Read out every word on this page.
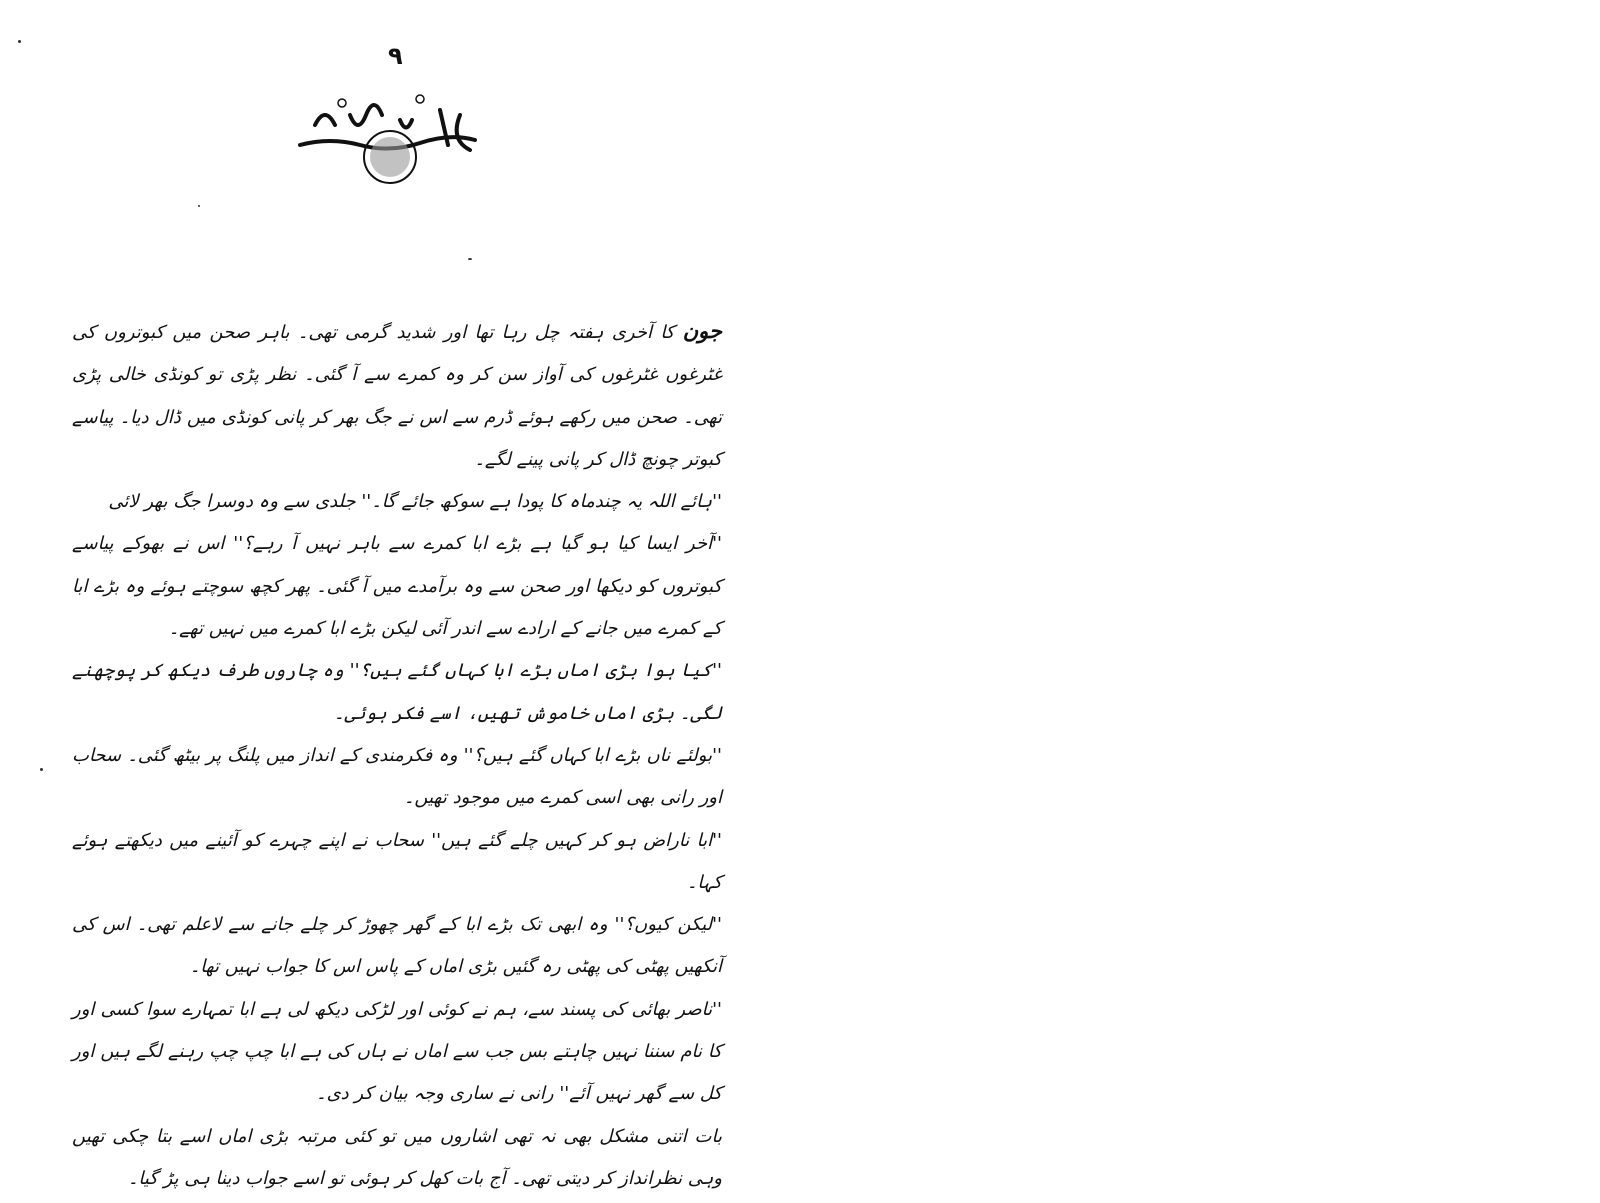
۹

جون کا آخری ہفتہ چل رہا تھا اور شدید گرمی تھی۔ باہر صحن میں کبوتروں کی غٹرغوں غٹرغوں کی آواز سن کر وہ کمرے سے آ گئی۔ نظر پڑی تو کونڈی خالی پڑی تھی۔ صحن میں رکھے ہوئے ڈرم سے اس نے جگ بھر کر پانی کونڈی میں ڈال دیا۔ پیاسے کبوتر چونچ ڈال کر پانی پینے لگے۔

''ہائے اللہ یہ چندماہ کا پودا ہے سوکھ جائے گا۔'' جلدی سے وہ دوسرا جگ بھر لائی

''آخر ایسا کیا ہو گیا ہے بڑے ابا کمرے سے باہر نہیں آ رہے؟'' اس نے بھوکے پیاسے کبوتروں کو دیکھا اور صحن سے وہ برآمدے میں آ گئی۔ پھر کچھ سوچتے ہوئے وہ بڑے ابا کے کمرے میں جانے کے ارادے سے اندر آئی لیکن بڑے ابا کمرے میں نہیں تھے۔

''کیا ہوا بڑی اماں بڑے ابا کہاں گئے ہیں؟'' وہ چاروں طرف دیکھ کر پوچھنے لگی۔ بڑی اماں خاموش تھیں، اسے فکر ہوئی۔

''بولئے ناں بڑے ابا کہاں گئے ہیں؟'' وہ فکرمندی کے انداز میں پلنگ پر بیٹھ گئی۔ سحاب اور رانی بھی اسی کمرے میں موجود تھیں۔

''ابا ناراض ہو کر کہیں چلے گئے ہیں'' سحاب نے اپنے چہرے کو آئینے میں دیکھتے ہوئے کہا۔

''لیکن کیوں؟'' وہ ابھی تک بڑے ابا کے گھر چھوڑ کر چلے جانے سے لاعلم تھی۔ اس کی آنکھیں پھٹی کی پھٹی رہ گئیں بڑی اماں کے پاس اس کا جواب نہیں تھا۔

''ناصر بھائی کی پسند سے، ہم نے کوئی اور لڑکی دیکھ لی ہے ابا تمہارے سوا کسی اور کا نام سننا نہیں چاہتے بس جب سے اماں نے ہاں کی ہے ابا چپ چپ رہنے لگے ہیں اور کل سے گھر نہیں آئے'' رانی نے ساری وجہ بیان کر دی۔

بات اتنی مشکل بھی نہ تھی اشاروں میں تو کئی مرتبہ بڑی اماں اسے بتا چکی تھیں وہی نظرانداز کر دیتی تھی۔ آج بات کھل کر ہوئی تو اسے جواب دینا ہی پڑ گیا۔
